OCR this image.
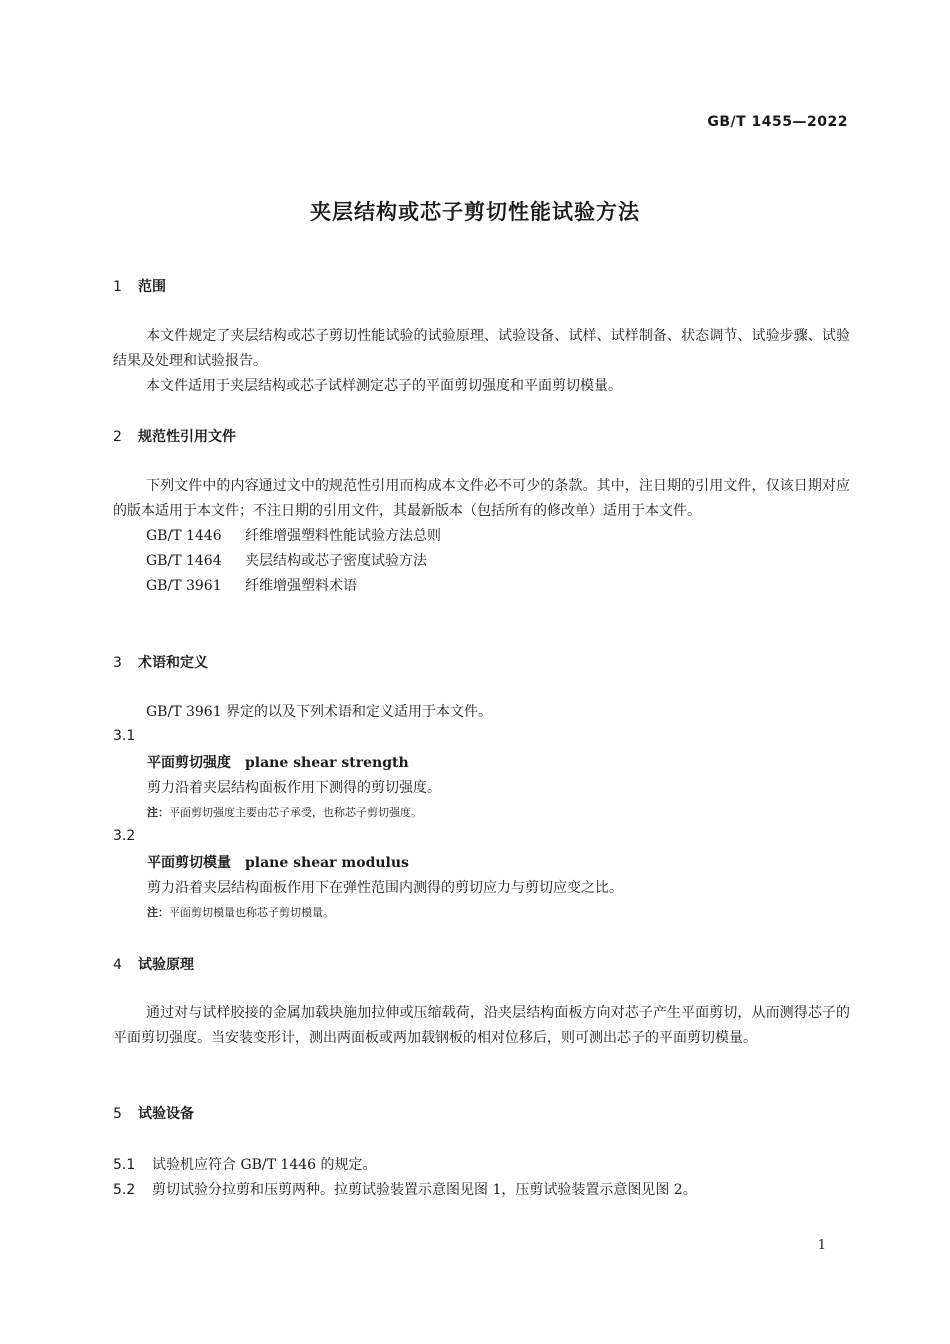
GB/T 1455—2022
夹层结构或芯子剪切性能试验方法
1 范围

本文件规定了夹层结构或芯子剪切性能试验的试验原理、试验设备、试样、试样制备、状态调节、试验步骤、试验结果及处理和试验报告。

本文件适用于夹层结构或芯子试样测定芯子的平面剪切强度和平面剪切模量。

2 规范性引用文件

下列文件中的内容通过文中的规范性引用而构成本文件必不可少的条款。其中，注日期的引用文件，仅该日期对应的版本适用于本文件；不注日期的引用文件，其最新版本（包括所有的修改单）适用于本文件。

GB/T 1446 纤维增强塑料性能试验方法总则
GB/T 1464 夹层结构或芯子密度试验方法
GB/T 3961 纤维增强塑料术语
3 术语和定义

GB/T 3961 界定的以及下列术语和定义适用于本文件。

3.1
平面剪切强度 plane shear strength
剪力沿着夹层结构面板作用下测得的剪切强度。
注：平面剪切强度主要由芯子承受，也称芯子剪切强度。
3.2
平面剪切模量 plane shear modulus
剪力沿着夹层结构面板作用下在弹性范围内测得的剪切应力与剪切应变之比。
注：平面剪切模量也称芯子剪切模量。
4 试验原理

通过对与试样胶接的金属加载块施加拉伸或压缩载荷，沿夹层结构面板方向对芯子产生平面剪切，从而测得芯子的平面剪切强度。当安装变形计，测出两面板或两加载钢板的相对位移后，则可测出芯子的平面剪切模量。

5 试验设备
5.1 试验机应符合 GB/T 1446 的规定。
5.2 剪切试验分拉剪和压剪两种。拉剪试验装置示意图见图 1，压剪试验装置示意图见图 2。
1
